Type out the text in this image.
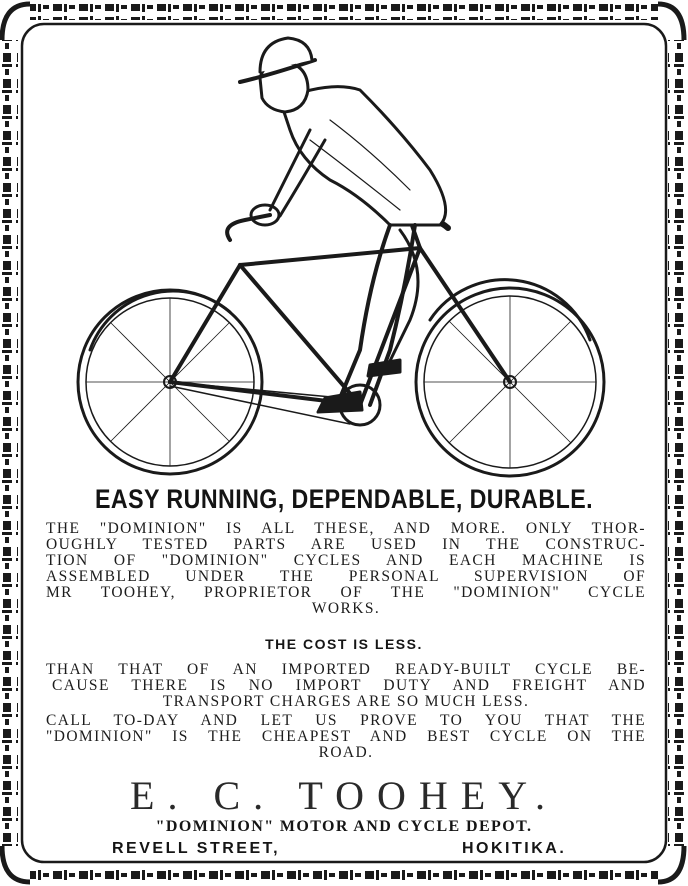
EASY RUNNING, DEPENDABLE, DURABLE.
THE "DOMINION" IS ALL THESE, AND MORE. ONLY THOR-
OUGHLY TESTED PARTS ARE USED IN THE CONSTRUC-
TION OF "DOMINION" CYCLES AND EACH MACHINE IS
ASSEMBLED UNDER THE PERSONAL SUPERVISION OF
MR TOOHEY, PROPRIETOR OF THE "DOMINION" CYCLE
WORKS.
THE COST IS LESS.
THAN THAT OF AN IMPORTED READY-BUILT CYCLE BE-
CAUSE THERE IS NO IMPORT DUTY AND FREIGHT AND
TRANSPORT CHARGES ARE SO MUCH LESS.
CALL TO-DAY AND LET US PROVE TO YOU THAT THE
"DOMINION" IS THE CHEAPEST AND BEST CYCLE ON THE
ROAD.
E. C. TOOHEY.
"DOMINION" MOTOR AND CYCLE DEPOT.
REVELL STREET,	HOKITIKA.
